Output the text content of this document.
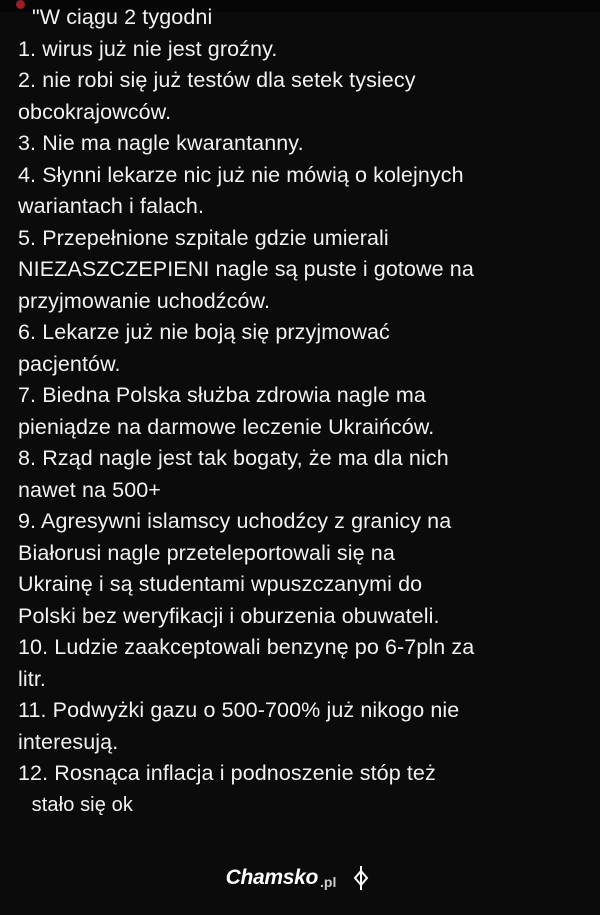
"W ciągu 2 tygodni
1. wirus już nie jest groźny.
2. nie robi się już testów dla setek tysiecy
obcokrajowców.
3. Nie ma nagle kwarantanny.
4. Słynni lekarze nic już nie mówią o kolejnych
wariantach i falach.
5. Przepełnione szpitale gdzie umierali
NIEZASZCZEPIENI nagle są puste i gotowe na
przyjmowanie uchodźców.
6. Lekarze już nie boją się przyjmować
pacjentów.
7. Biedna Polska służba zdrowia nagle ma
pieniądze na darmowe leczenie Ukraińców.
8. Rząd nagle jest tak bogaty, że ma dla nich
nawet na 500+
9. Agresywni islamscy uchodźcy z granicy na
Białorusi nagle przeteleportowali się na
Ukrainę i są studentami wpuszczanymi do
Polski bez weryfikacji i oburzenia obuwateli.
10. Ludzie zaakceptowali benzynę po 6-7pln za
litr.
11. Podwyżki gazu o 500-700% już nikogo nie
interesują.
12. Rosnąca inflacja i podnoszenie stóp też
stało się ok
Chamsko .pl
